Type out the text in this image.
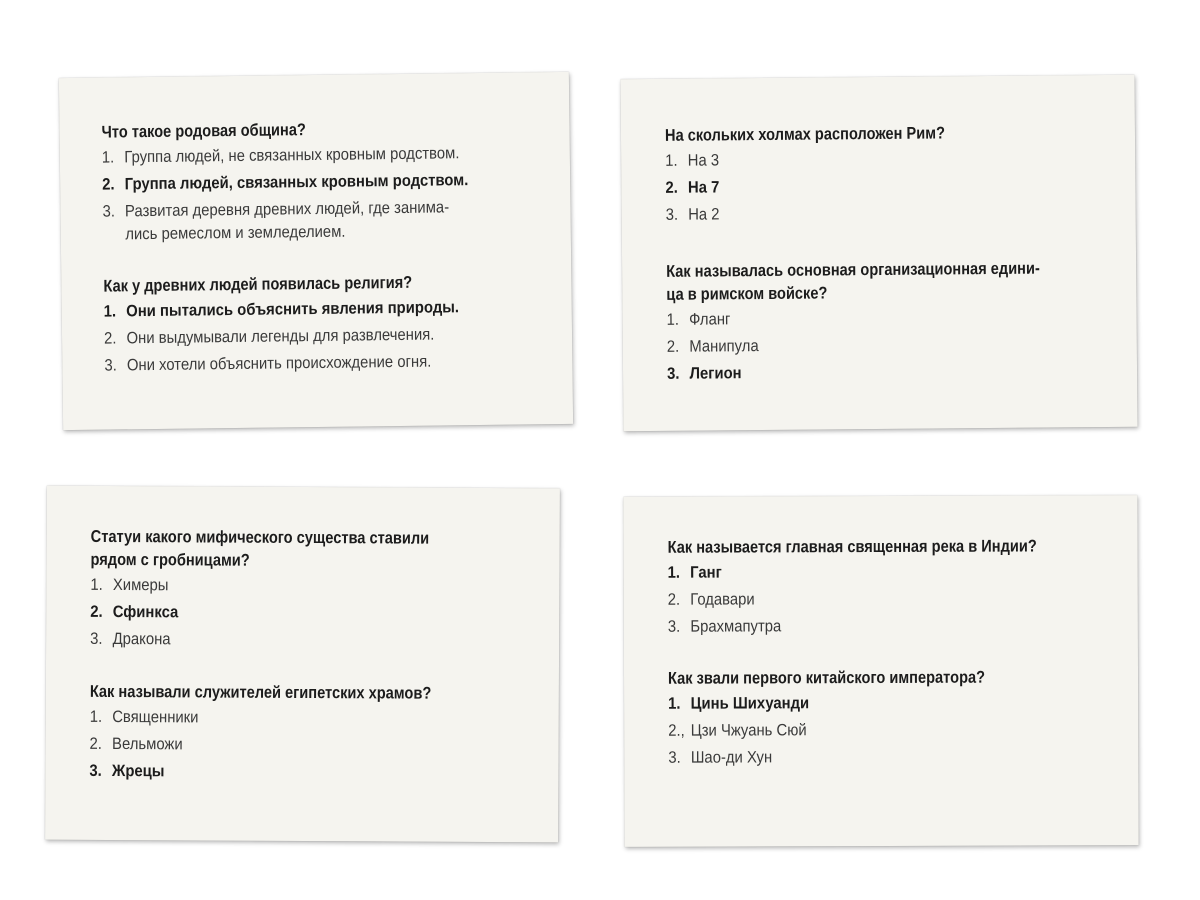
Что такое родовая община?
1. Группа людей, не связанных кровным родством.
2. Группа людей, связанных кровным родством.
3. Развитая деревня древних людей, где занима-лись ремеслом и земледелием.
Как у древних людей появилась религия?
1. Они пытались объяснить явления природы.
2. Они выдумывали легенды для развлечения.
3. Они хотели объяснить происхождение огня.
На скольких холмах расположен Рим?
1. На 3
2. На 7
3. На 2
Как называлась основная организационная едини-ца в римском войске?
1. Фланг
2. Манипула
3. Легион
Статуи какого мифического существа ставили рядом с гробницами?
1. Химеры
2. Сфинкса
3. Дракона
Как называли служителей египетских храмов?
1. Священники
2. Вельможи
3. Жрецы
Как называется главная священная река в Индии?
1. Ганг
2. Годавари
3. Брахмапутра
Как звали первого китайского императора?
1. Цинь Шихуанди
2., Цзи Чжуань Сюй
3. Шао-ди Хун
